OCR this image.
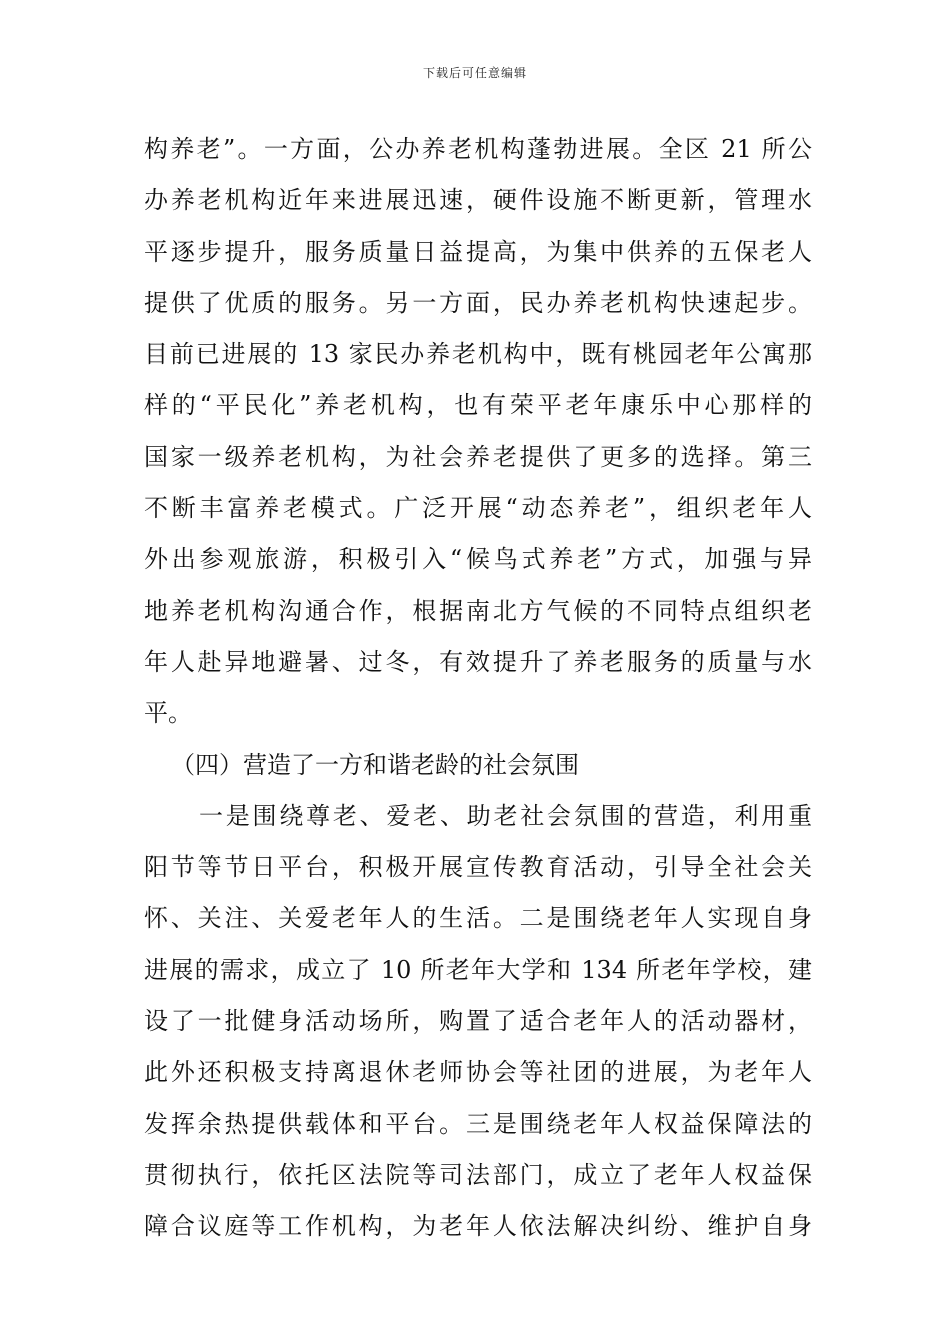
下载后可任意编辑
构养老”。一方面，公办养老机构蓬勃进展。全区 21 所公
办养老机构近年来进展迅速，硬件设施不断更新，管理水
平逐步提升，服务质量日益提高，为集中供养的五保老人
提供了优质的服务。另一方面，民办养老机构快速起步。
目前已进展的 13 家民办养老机构中，既有桃园老年公寓那
样的“平民化”养老机构，也有荣平老年康乐中心那样的
国家一级养老机构，为社会养老提供了更多的选择。第三
不断丰富养老模式。广泛开展“动态养老”，组织老年人
外出参观旅游，积极引入“候鸟式养老”方式，加强与异
地养老机构沟通合作，根据南北方气候的不同特点组织老
年人赴异地避暑、过冬，有效提升了养老服务的质量与水
平。
（四）营造了一方和谐老龄的社会氛围
一是围绕尊老、爱老、助老社会氛围的营造，利用重
阳节等节日平台，积极开展宣传教育活动，引导全社会关
怀、关注、关爱老年人的生活。二是围绕老年人实现自身
进展的需求，成立了 10 所老年大学和 134 所老年学校，建
设了一批健身活动场所，购置了适合老年人的活动器材，
此外还积极支持离退休老师协会等社团的进展，为老年人
发挥余热提供载体和平台。三是围绕老年人权益保障法的
贯彻执行，依托区法院等司法部门，成立了老年人权益保
障合议庭等工作机构，为老年人依法解决纠纷、维护自身
